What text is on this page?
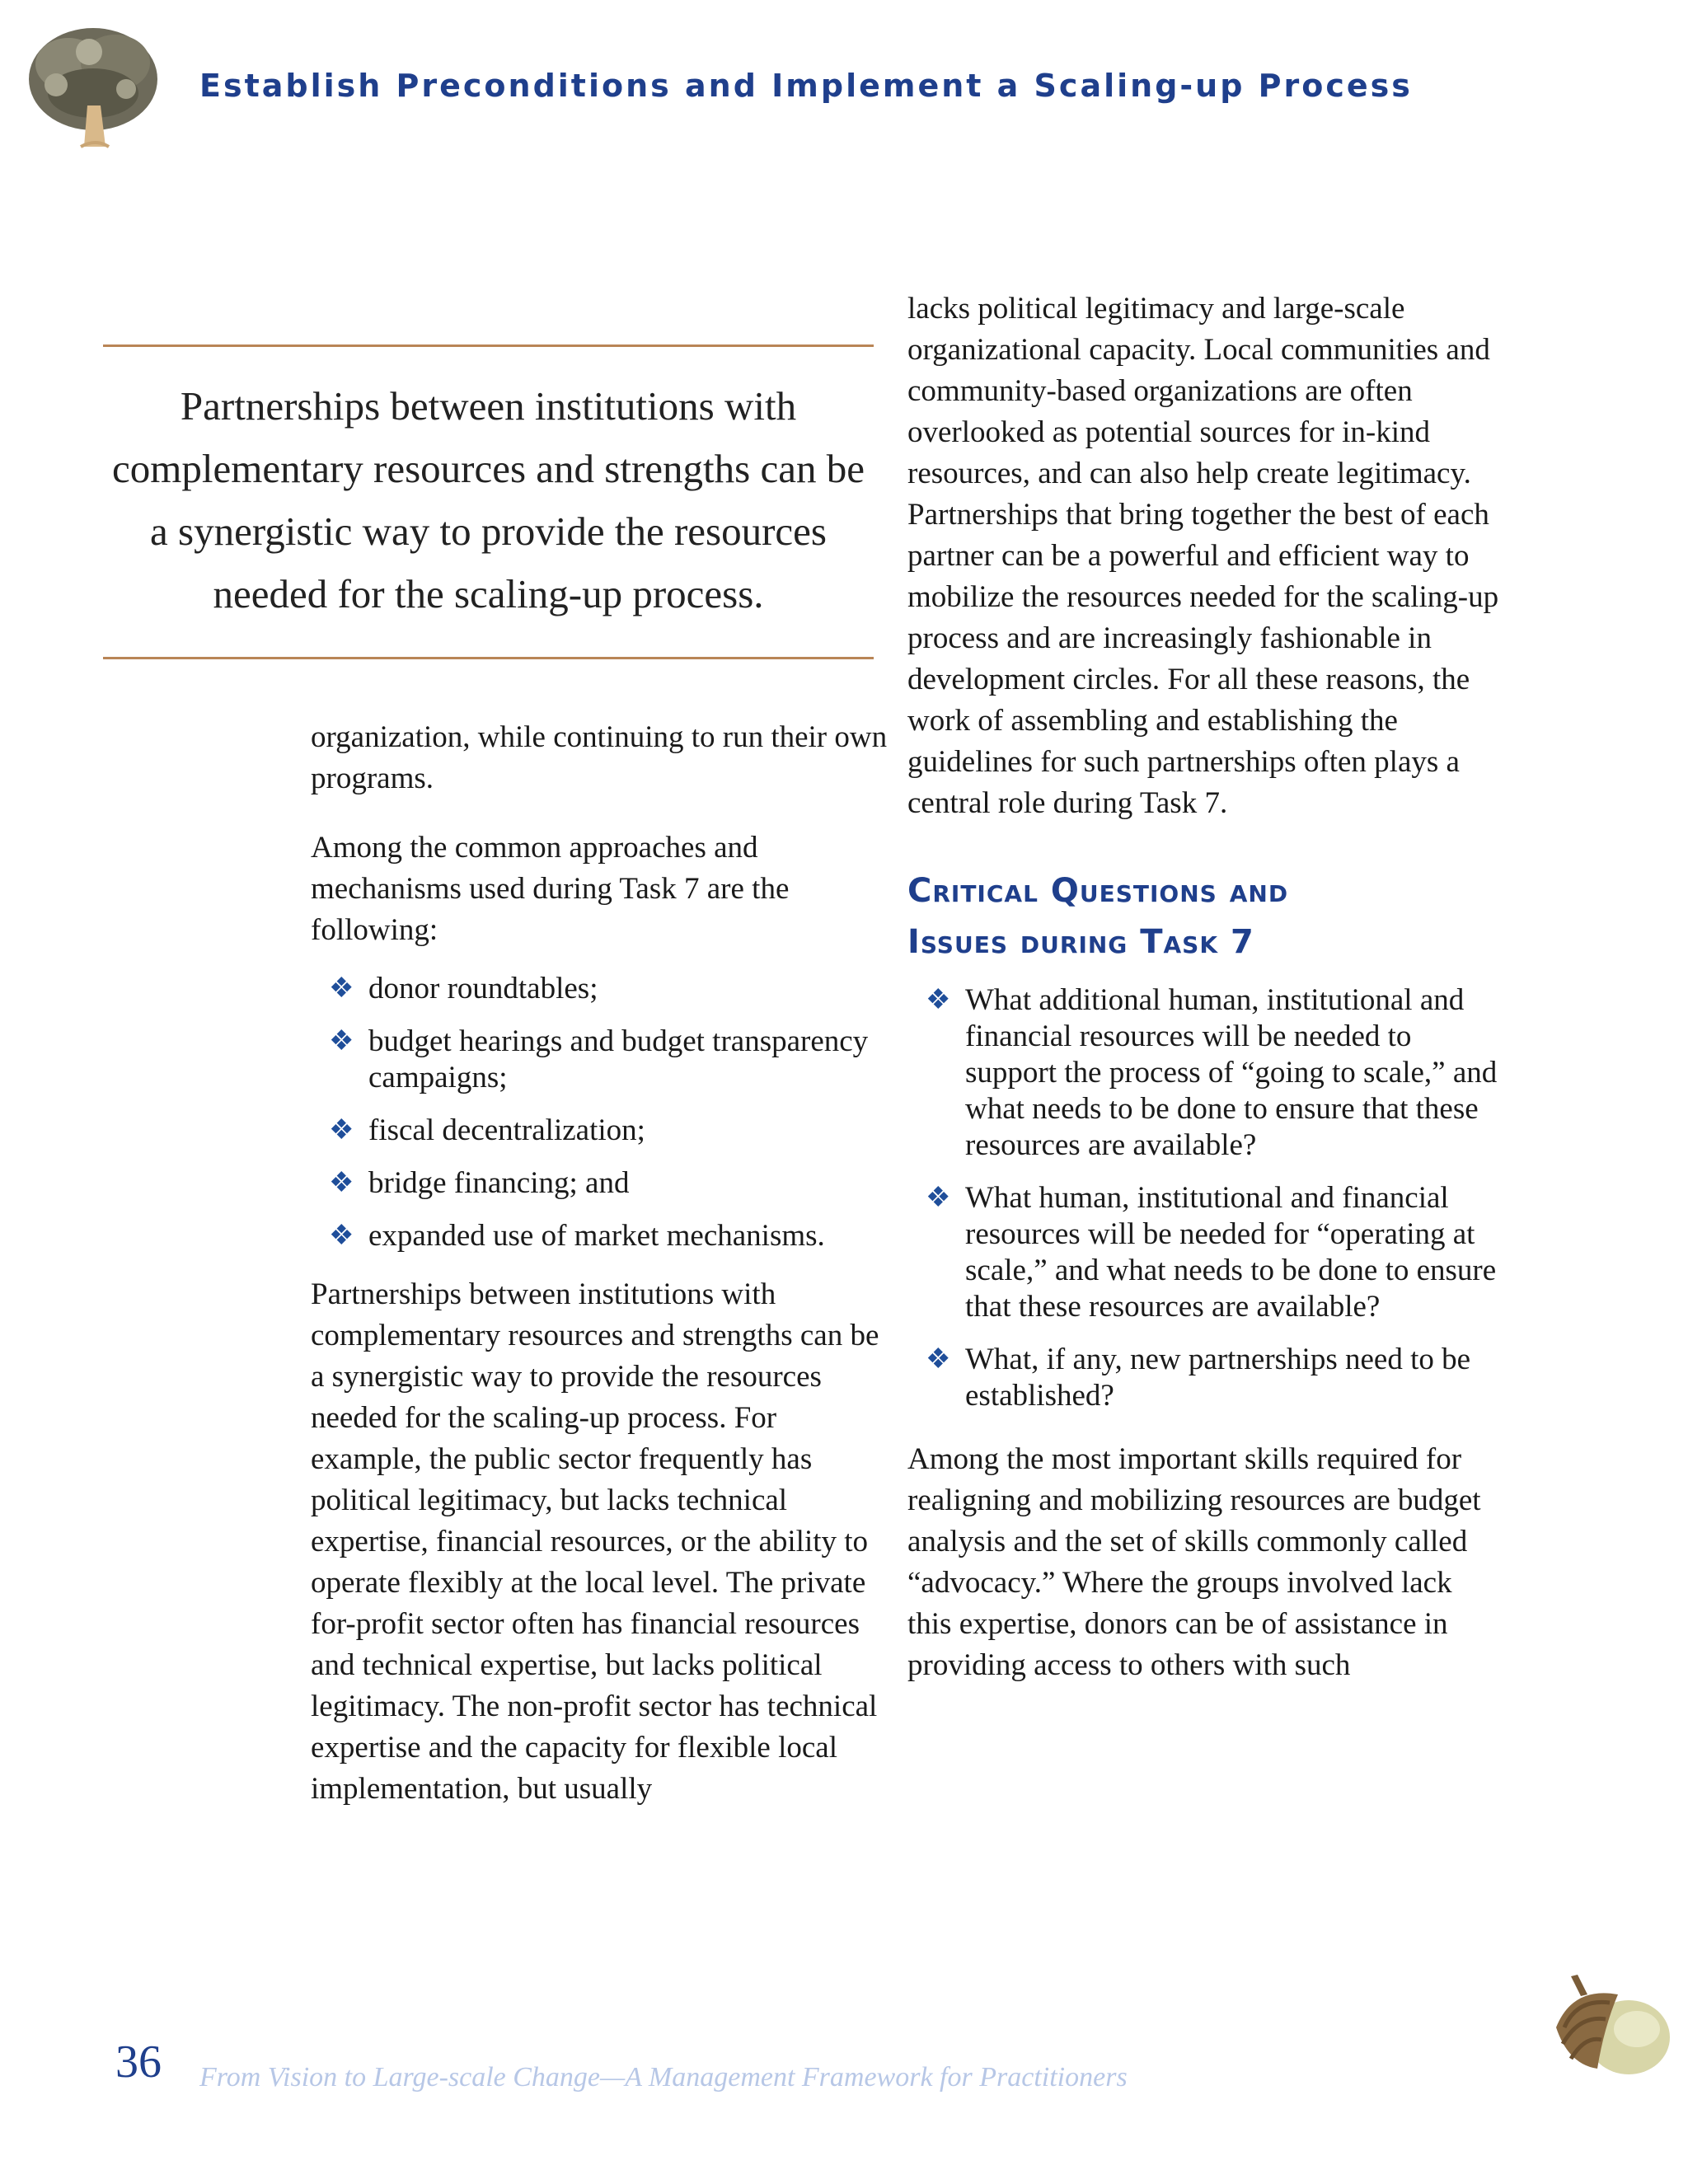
Establish Preconditions and Implement a Scaling-up Process
Partnerships between institutions with complementary resources and strengths can be a synergistic way to provide the resources needed for the scaling-up process.

organization, while continuing to run their own programs.

Among the common approaches and mechanisms used during Task 7 are the following:

❖ donor roundtables;
❖ budget hearings and budget transparency campaigns;
❖ fiscal decentralization;
❖ bridge financing; and
❖ expanded use of market mechanisms.

Partnerships between institutions with complementary resources and strengths can be a synergistic way to provide the resources needed for the scaling-up process. For example, the public sector frequently has political legitimacy, but lacks technical expertise, financial resources, or the ability to operate flexibly at the local level. The private for-profit sector often has financial resources and technical expertise, but lacks political legitimacy. The non-profit sector has technical expertise and the capacity for flexible local implementation, but usually

lacks political legitimacy and large-scale organizational capacity. Local communities and community-based organizations are often overlooked as potential sources for in-kind resources, and can also help create legitimacy. Partnerships that bring together the best of each partner can be a powerful and efficient way to mobilize the resources needed for the scaling-up process and are increasingly fashionable in development circles. For all these reasons, the work of assembling and establishing the guidelines for such partnerships often plays a central role during Task 7.

Critical Questions and
Issues during Task 7
❖ What additional human, institutional and financial resources will be needed to support the process of “going to scale,” and what needs to be done to ensure that these resources are available?
❖ What human, institutional and financial resources will be needed for “operating at scale,” and what needs to be done to ensure that these resources are available?
❖ What, if any, new partnerships need to be established?

Among the most important skills required for realigning and mobilizing resources are budget analysis and the set of skills commonly called “advocacy.” Where the groups involved lack this expertise, donors can be of assistance in providing access to others with such

36 From Vision to Large-scale Change—A Management Framework for Practitioners
